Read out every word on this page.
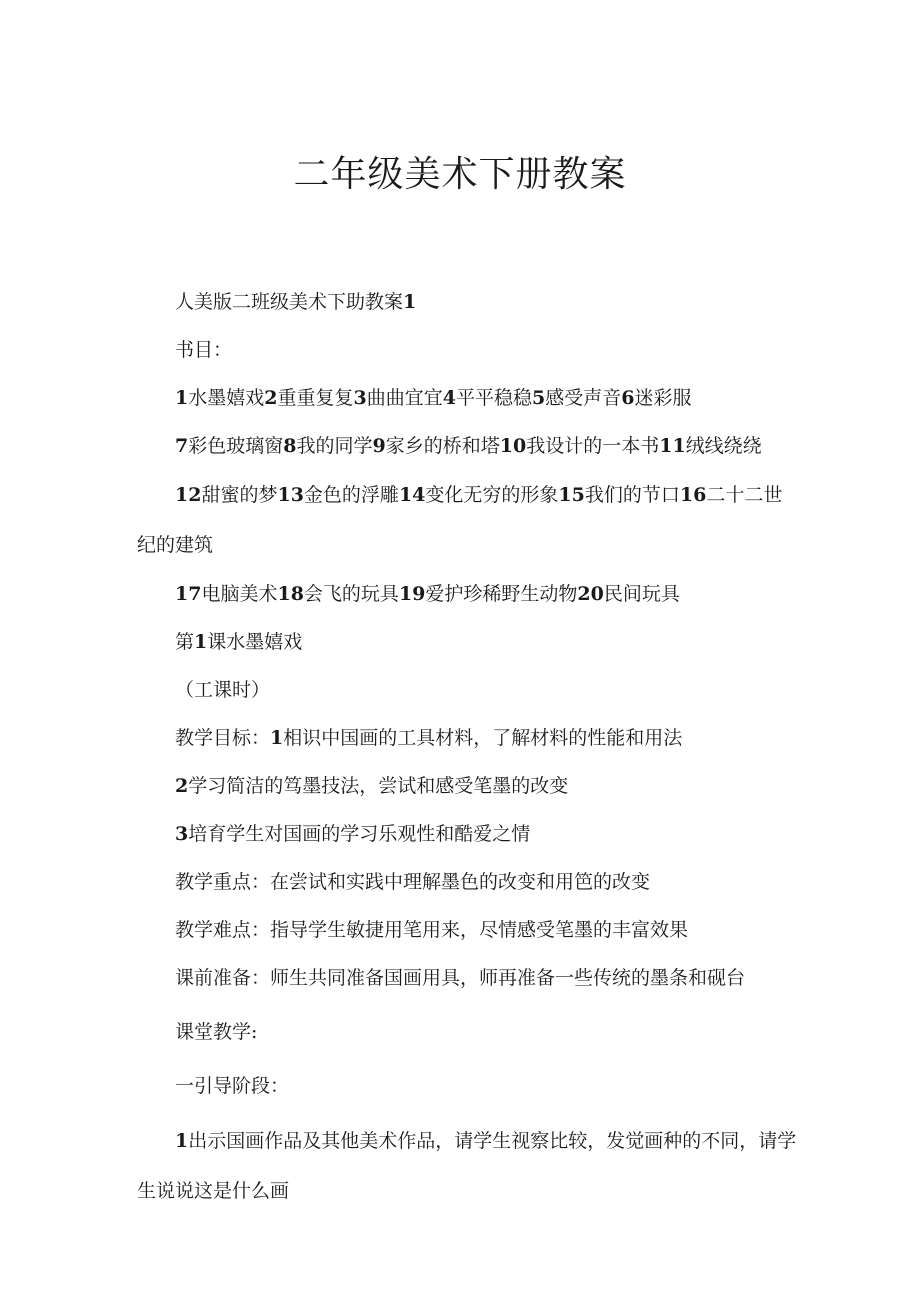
二年级美术下册教案

人美版二班级美术下助教案1

书目：

1水墨嬉戏2重重复复3曲曲宜宜4平平稳稳5感受声音6迷彩服

7彩色玻璃窗8我的同学9家乡的桥和塔10我设计的一本书11绒线绕绕

12甜蜜的梦13金色的浮雕14变化无穷的形象15我们的节口16二十二世纪的建筑

17电脑美术18会飞的玩具19爱护珍稀野生动物20民间玩具

第1课水墨嬉戏

（工课时）

教学目标：1相识中国画的工具材料，了解材料的性能和用法

2学习简洁的笃墨技法，尝试和感受笔墨的改变

3培育学生对国画的学习乐观性和酷爱之情

教学重点：在尝试和实践中理解墨色的改变和用笆的改变

教学难点：指导学生敏捷用笔用来，尽情感受笔墨的丰富效果

课前准备：师生共同准备国画用具，师再准备一些传统的墨条和砚台

课堂教学:

一引导阶段：

1出示国画作品及其他美术作品，请学生视察比较，发觉画种的不同，请学生说说这是什么画
